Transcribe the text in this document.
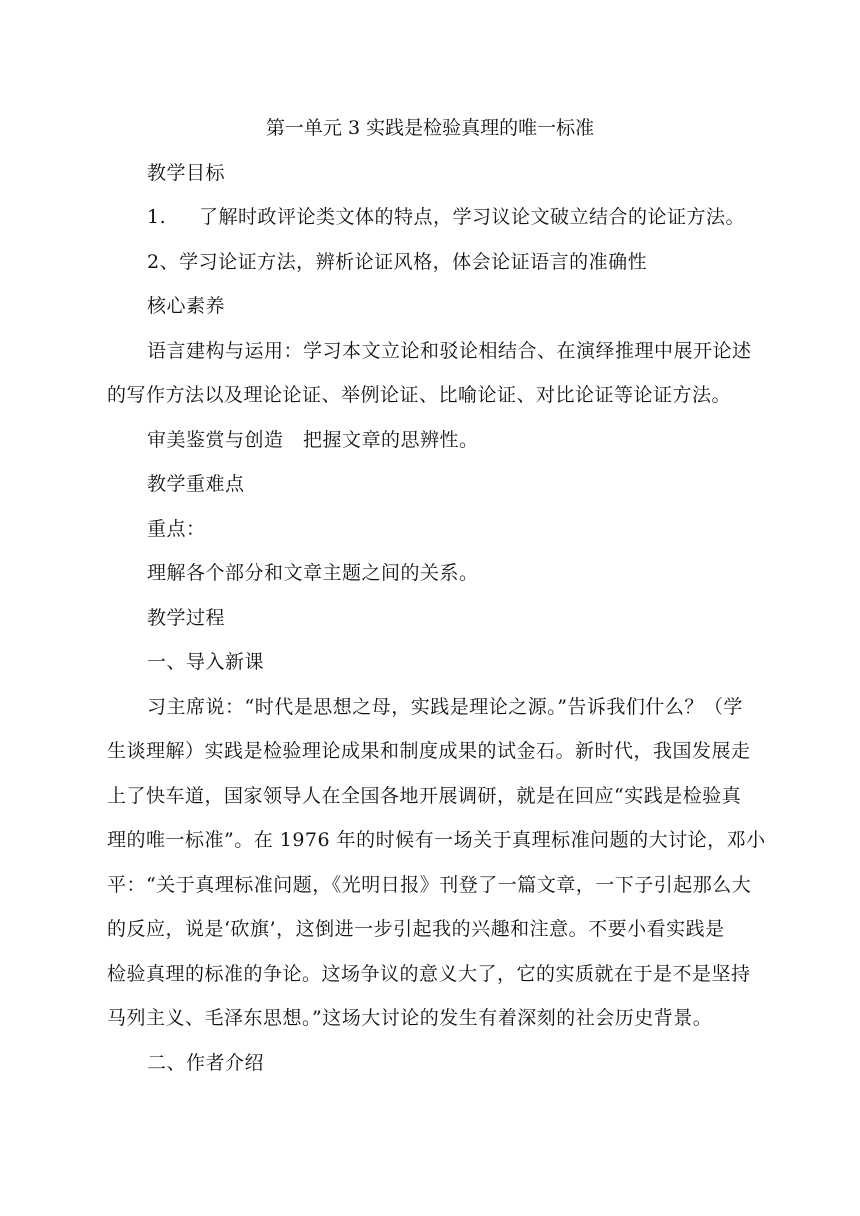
第一单元 3 实践是检验真理的唯一标准
教学目标
1. 了解时政评论类文体的特点，学习议论文破立结合的论证方法。
2、学习论证方法，辨析论证风格，体会论证语言的准确性
核心素养
语言建构与运用：学习本文立论和驳论相结合、在演绎推理中展开论述
的写作方法以及理论论证、举例论证、比喻论证、对比论证等论证方法。
审美鉴赏与创造　把握文章的思辨性。
教学重难点
重点：
理解各个部分和文章主题之间的关系。
教学过程
一、导入新课
习主席说：“时代是思想之母，实践是理论之源。”告诉我们什么？（学
生谈理解）实践是检验理论成果和制度成果的试金石。新时代，我国发展走
上了快车道，国家领导人在全国各地开展调研，就是在回应“实践是检验真
理的唯一标准”。在 1976 年的时候有一场关于真理标准问题的大讨论，邓小
平：“关于真理标准问题，《光明日报》刊登了一篇文章，一下子引起那么大
的反应，说是‘砍旗’，这倒进一步引起我的兴趣和注意。不要小看实践是
检验真理的标准的争论。这场争议的意义大了，它的实质就在于是不是坚持
马列主义、毛泽东思想。”这场大讨论的发生有着深刻的社会历史背景。
二、作者介绍
